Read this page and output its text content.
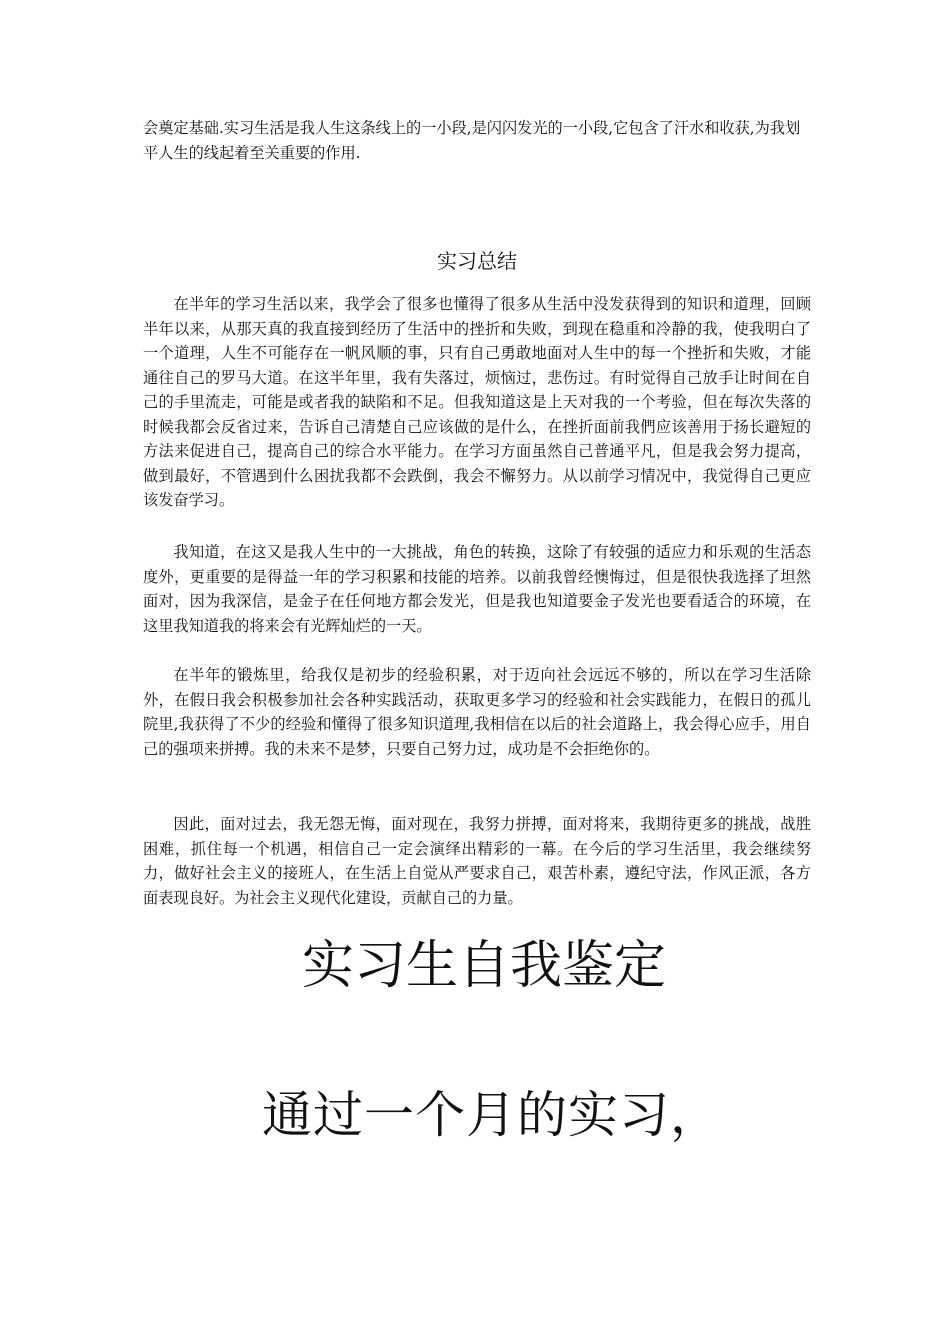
会奠定基础.实习生活是我人生这条线上的一小段,是闪闪发光的一小段,它包含了汗水和收获,为我划平人生的线起着至关重要的作用.
实习总结
在半年的学习生活以来，我学会了很多也懂得了很多从生活中没发获得到的知识和道理，回顾半年以来，从那天真的我直接到经历了生活中的挫折和失败，到现在稳重和冷静的我，使我明白了一个道理，人生不可能存在一帆风顺的事，只有自己勇敢地面对人生中的每一个挫折和失败，才能通往自己的罗马大道。在这半年里，我有失落过，烦恼过，悲伤过。有时觉得自己放手让时间在自己的手里流走，可能是或者我的缺陷和不足。但我知道这是上天对我的一个考验，但在每次失落的时候我都会反省过来，告诉自己清楚自己应该做的是什么，在挫折面前我們应该善用于扬长避短的方法来促进自己，提高自己的综合水平能力。在学习方面虽然自己普通平凡，但是我会努力提高，做到最好，不管遇到什么困扰我都不会跌倒，我会不懈努力。从以前学习情况中，我觉得自己更应该发奋学习。
我知道，在这又是我人生中的一大挑战，角色的转换，这除了有较强的适应力和乐观的生活态度外，更重要的是得益一年的学习积累和技能的培养。以前我曾经懊悔过，但是很快我选择了坦然面对，因为我深信，是金子在任何地方都会发光，但是我也知道要金子发光也要看适合的环境，在这里我知道我的将来会有光辉灿烂的一天。
在半年的锻炼里，给我仅是初步的经验积累，对于迈向社会远远不够的，所以在学习生活除外，在假日我会积极参加社会各种实践活动，获取更多学习的经验和社会实践能力，在假日的孤儿院里,我获得了不少的经验和懂得了很多知识道理,我相信在以后的社会道路上，我会得心应手，用自己的强项来拼搏。我的未来不是梦，只要自己努力过，成功是不会拒绝你的。
因此，面对过去，我无怨无悔，面对现在，我努力拼搏，面对将来，我期待更多的挑战，战胜困难，抓住每一个机遇，相信自己一定会演绎出精彩的一幕。在今后的学习生活里，我会继续努力，做好社会主义的接班人，在生活上自觉从严要求自己，艰苦朴素，遵纪守法，作风正派，各方面表现良好。为社会主义现代化建设，贡献自己的力量。
实习生自我鉴定
通过一个月的实习，
